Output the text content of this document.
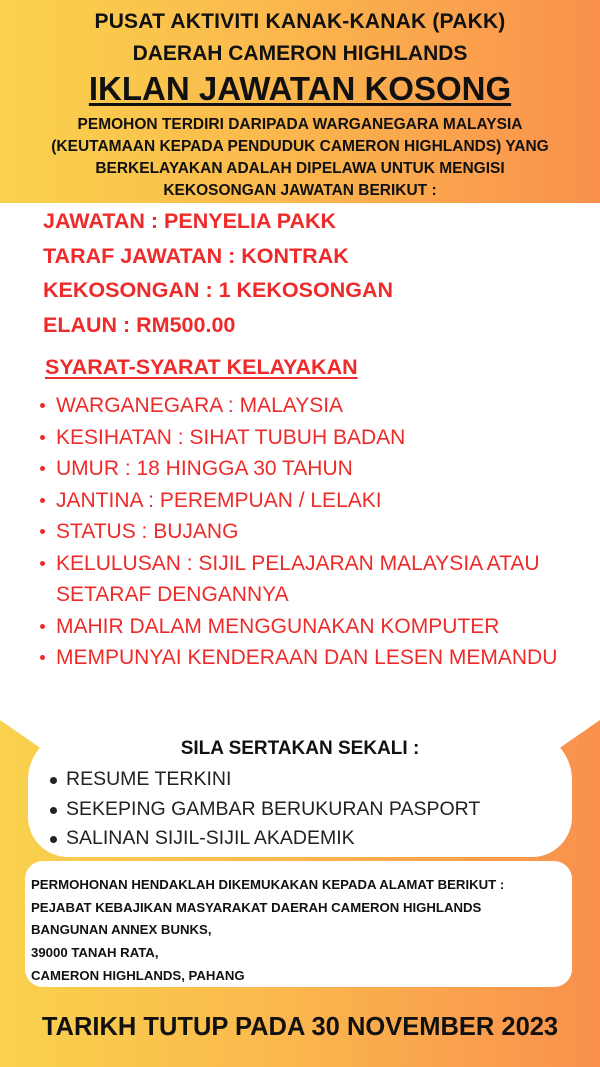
PUSAT AKTIVITI KANAK-KANAK (PAKK)
DAERAH CAMERON HIGHLANDS
IKLAN JAWATAN KOSONG
PEMOHON TERDIRI DARIPADA WARGANEGARA MALAYSIA
(KEUTAMAAN KEPADA PENDUDUK CAMERON HIGHLANDS) YANG
BERKELAYAKAN ADALAH DIPELAWA UNTUK MENGISI
KEKOSONGAN JAWATAN BERIKUT :
JAWATAN : PENYELIA PAKK
TARAF JAWATAN : KONTRAK
KEKOSONGAN : 1 KEKOSONGAN
ELAUN : RM500.00
SYARAT-SYARAT KELAYAKAN
WARGANEGARA : MALAYSIA
KESIHATAN : SIHAT TUBUH BADAN
UMUR : 18 HINGGA 30 TAHUN
JANTINA : PEREMPUAN / LELAKI
STATUS : BUJANG
KELULUSAN : SIJIL PELAJARAN MALAYSIA ATAU SETARAF DENGANNYA
MAHIR DALAM MENGGUNAKAN KOMPUTER
MEMPUNYAI KENDERAAN DAN LESEN MEMANDU
SILA SERTAKAN SEKALI :
RESUME TERKINI
SEKEPING GAMBAR BERUKURAN PASPORT
SALINAN SIJIL-SIJIL AKADEMIK
PERMOHONAN HENDAKLAH DIKEMUKAKAN KEPADA ALAMAT BERIKUT :
PEJABAT KEBAJIKAN MASYARAKAT DAERAH CAMERON HIGHLANDS
BANGUNAN ANNEX BUNKS,
39000 TANAH RATA,
CAMERON HIGHLANDS, PAHANG
TARIKH TUTUP PADA 30 NOVEMBER 2023
